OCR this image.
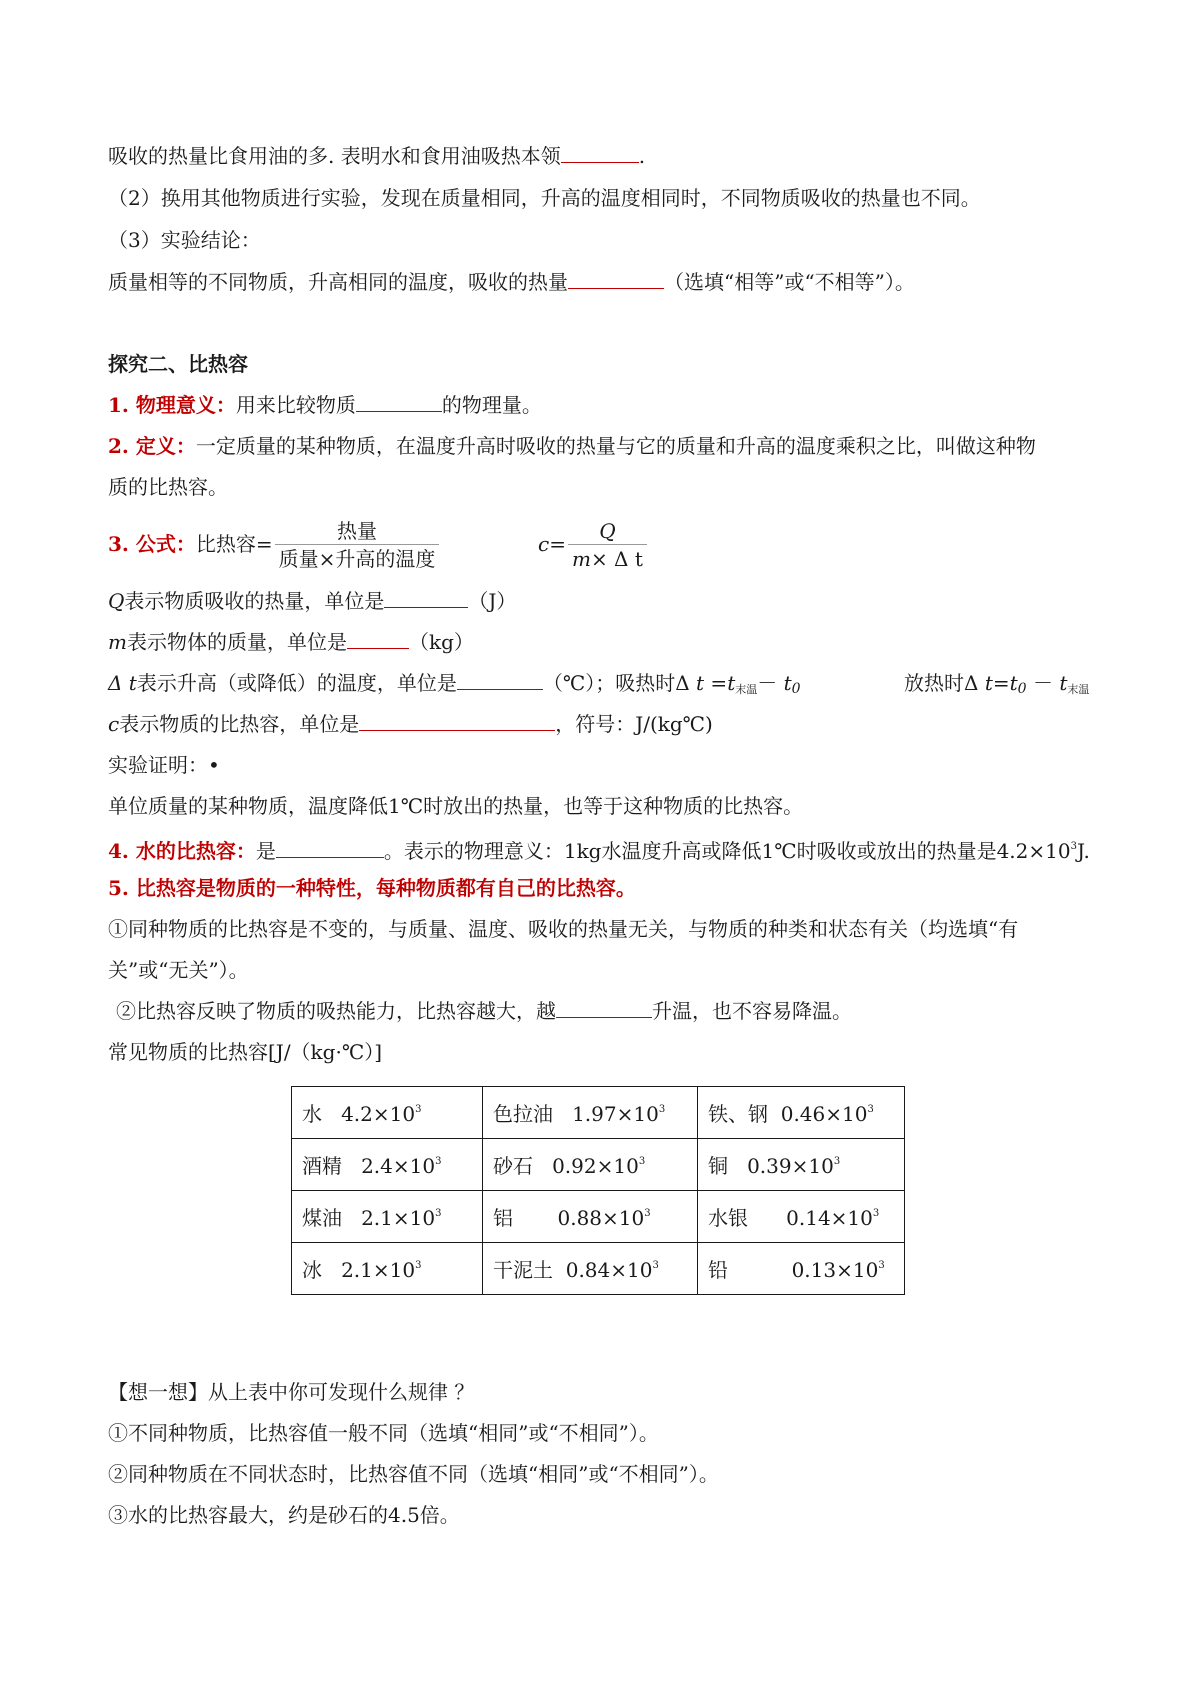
吸收的热量比食用油的多. 表明水和食用油吸热本领	.
（2）换用其他物质进行实验，发现在质量相同，升高的温度相同时，不同物质吸收的热量也不同。
（3）实验结论：
质量相等的不同物质，升高相同的温度，吸收的热量	（选填“相等”或“不相等”）。
探究二、比热容
1. 物理意义：用来比较物质	的物理量。
2. 定义：一定质量的某种物质，在温度升高时吸收的热量与它的质量和升高的温度乘积之比，叫做这种物
质的比热容。
3. 公式：比热容= $\frac{\text{热量}}{\text{质量×升高的温度}}$	$c= \frac{Q}{\text{m× Δ t}}$
Q表示物质吸收的热量，单位是	（J）
m表示物体的质量，单位是	（kg）
Δ t表示升高（或降低）的温度，单位是	（℃）；吸热时Δ $t =t_{末温}- t0$	放热时Δ $t=t0 - t_{末温}$
c表示物质的比热容，单位是	，符号：J/(kg℃)
实验证明：•
单位质量的某种物质，温度降低1℃时放出的热量，也等于这种物质的比热容。
4. 水的比热容：是	。表示的物理意义：1kg水温度升高或降低1℃时吸收或放出的热量是$4.2\times 10^3J$.
5. 比热容是物质的一种特性，每种物质都有自己的比热容。
①同种物质的比热容是不变的，与质量、温度、吸收的热量无关，与物质的种类和状态有关（均选填“有
关”或“无关”）。
②比热容反映了物质的吸热能力，比热容越大，越	升温，也不容易降温。
常见物质的比热容[J/（kg·℃）]
水   $4.2\times 10^3$	色拉油   $1.97\times 10^3$	铁、钢  $0.46\times 10^3$
酒精   $2.4\times 10^3$	砂石   $0.92\times 10^3$	铜   $0.39\times 10^3$
煤油   $2.1\times 10^3$	铝       $0.88\times 10^3$	水银      $0.14\times 10^3$
冰   $2.1\times 10^3$	干泥土  $0.84\times 10^3$	铅          $0.13\times 10^3$
【想一想】从上表中你可发现什么规律 ？
①不同种物质，比热容值一般不同（选填“相同”或“不相同”）。
②同种物质在不同状态时，比热容值不同（选填“相同”或“不相同”）。
③水的比热容最大，约是砂石的4.5倍。
